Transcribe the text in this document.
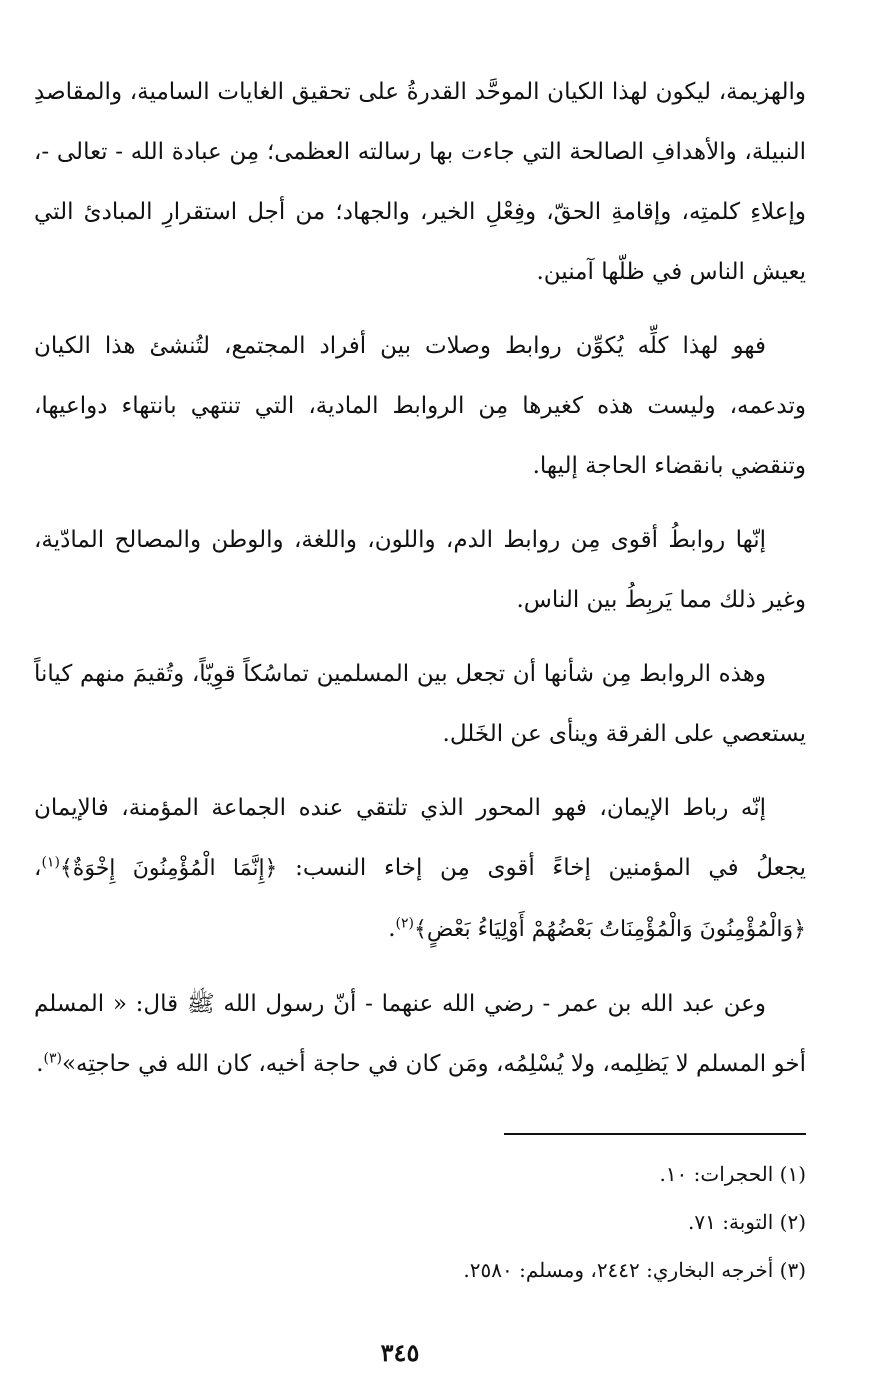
والهزيمة، ليكون لهذا الكيان الموحَّد القدرةُ على تحقيق الغايات السامية، والمقاصدِ النبيلة، والأهدافِ الصالحة التي جاءت بها رسالته العظمى؛ مِن عبادة الله - تعالى -، وإعلاءِ كلمتِه، وإقامةِ الحقّ، وفِعْلِ الخير، والجهاد؛ من أجل استقرارِ المبادئ التي يعيش الناس في ظلّها آمنين.

فهو لهذا كلِّه يُكوِّن روابط وصلات بين أفراد المجتمع، لتُنشئ هذا الكيان وتدعمه، وليست هذه كغيرها مِن الروابط المادية، التي تنتهي بانتهاء دواعيها، وتنقضي بانقضاء الحاجة إليها.

إنّها روابطُ أقوى مِن روابط الدم، واللون، واللغة، والوطن والمصالح المادّية، وغير ذلك مما يَربِطُ بين الناس.

وهذه الروابط مِن شأنها أن تجعل بين المسلمين تماسُكاً قوِيّاً، وتُقيمَ منهم كياناً يستعصي على الفرقة وينأى عن الخَلل.

إنّه رباط الإيمان، فهو المحور الذي تلتقي عنده الجماعة المؤمنة، فالإيمان يجعلُ في المؤمنين إخاءً أقوى مِن إخاء النسب: ﴿إِنَّمَا الْمُؤْمِنُونَ إِخْوَةٌ﴾$^{(١)}$، ﴿وَالْمُؤْمِنُونَ وَالْمُؤْمِنَاتُ بَعْضُهُمْ أَوْلِيَاءُ بَعْضٍ﴾$^{(٢)}$.

وعن عبد الله بن عمر - رضي الله عنهما - أنّ رسول الله ﷺ قال: « المسلم أخو المسلم لا يَظلِمه، ولا يُسْلِمُه، ومَن كان في حاجة أخيه، كان الله في حاجتِه»$^{(٣)}$.

(١) الحجرات: ١٠.

(٢) التوبة: ٧١.

(٣) أخرجه البخاري: ٢٤٤٢، ومسلم: ٢٥٨٠.

٣٤٥
